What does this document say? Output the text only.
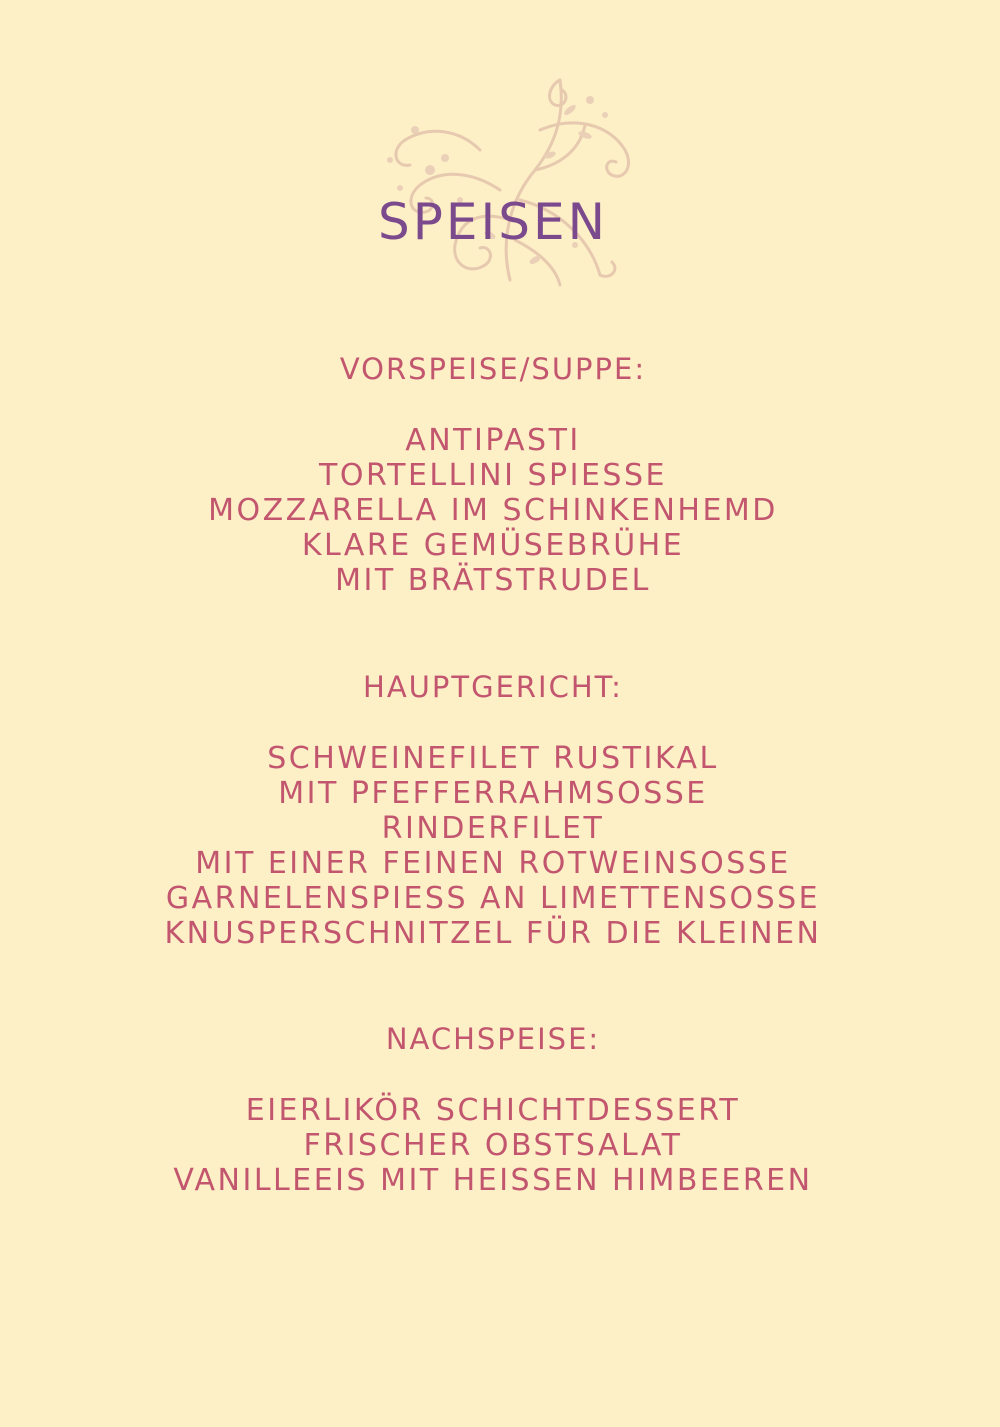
SPEISEN

VORSPEISE/SUPPE:

ANTIPASTI
TORTELLINI SPIESSE
MOZZARELLA IM SCHINKENHEMD
KLARE GEMÜSEBRÜHE
MIT BRÄTSTRUDEL

HAUPTGERICHT:

SCHWEINEFILET RUSTIKAL
MIT PFEFFERRAHMSOSSE
RINDERFILET
MIT EINER FEINEN ROTWEINSOSSE
GARNELENSPIESS AN LIMETTENSOSSE
KNUSPERSCHNITZEL FÜR DIE KLEINEN

NACHSPEISE:

EIERLIKÖR SCHICHTDESSERT
FRISCHER OBSTSALAT
VANILLEEIS MIT HEISSEN HIMBEEREN
